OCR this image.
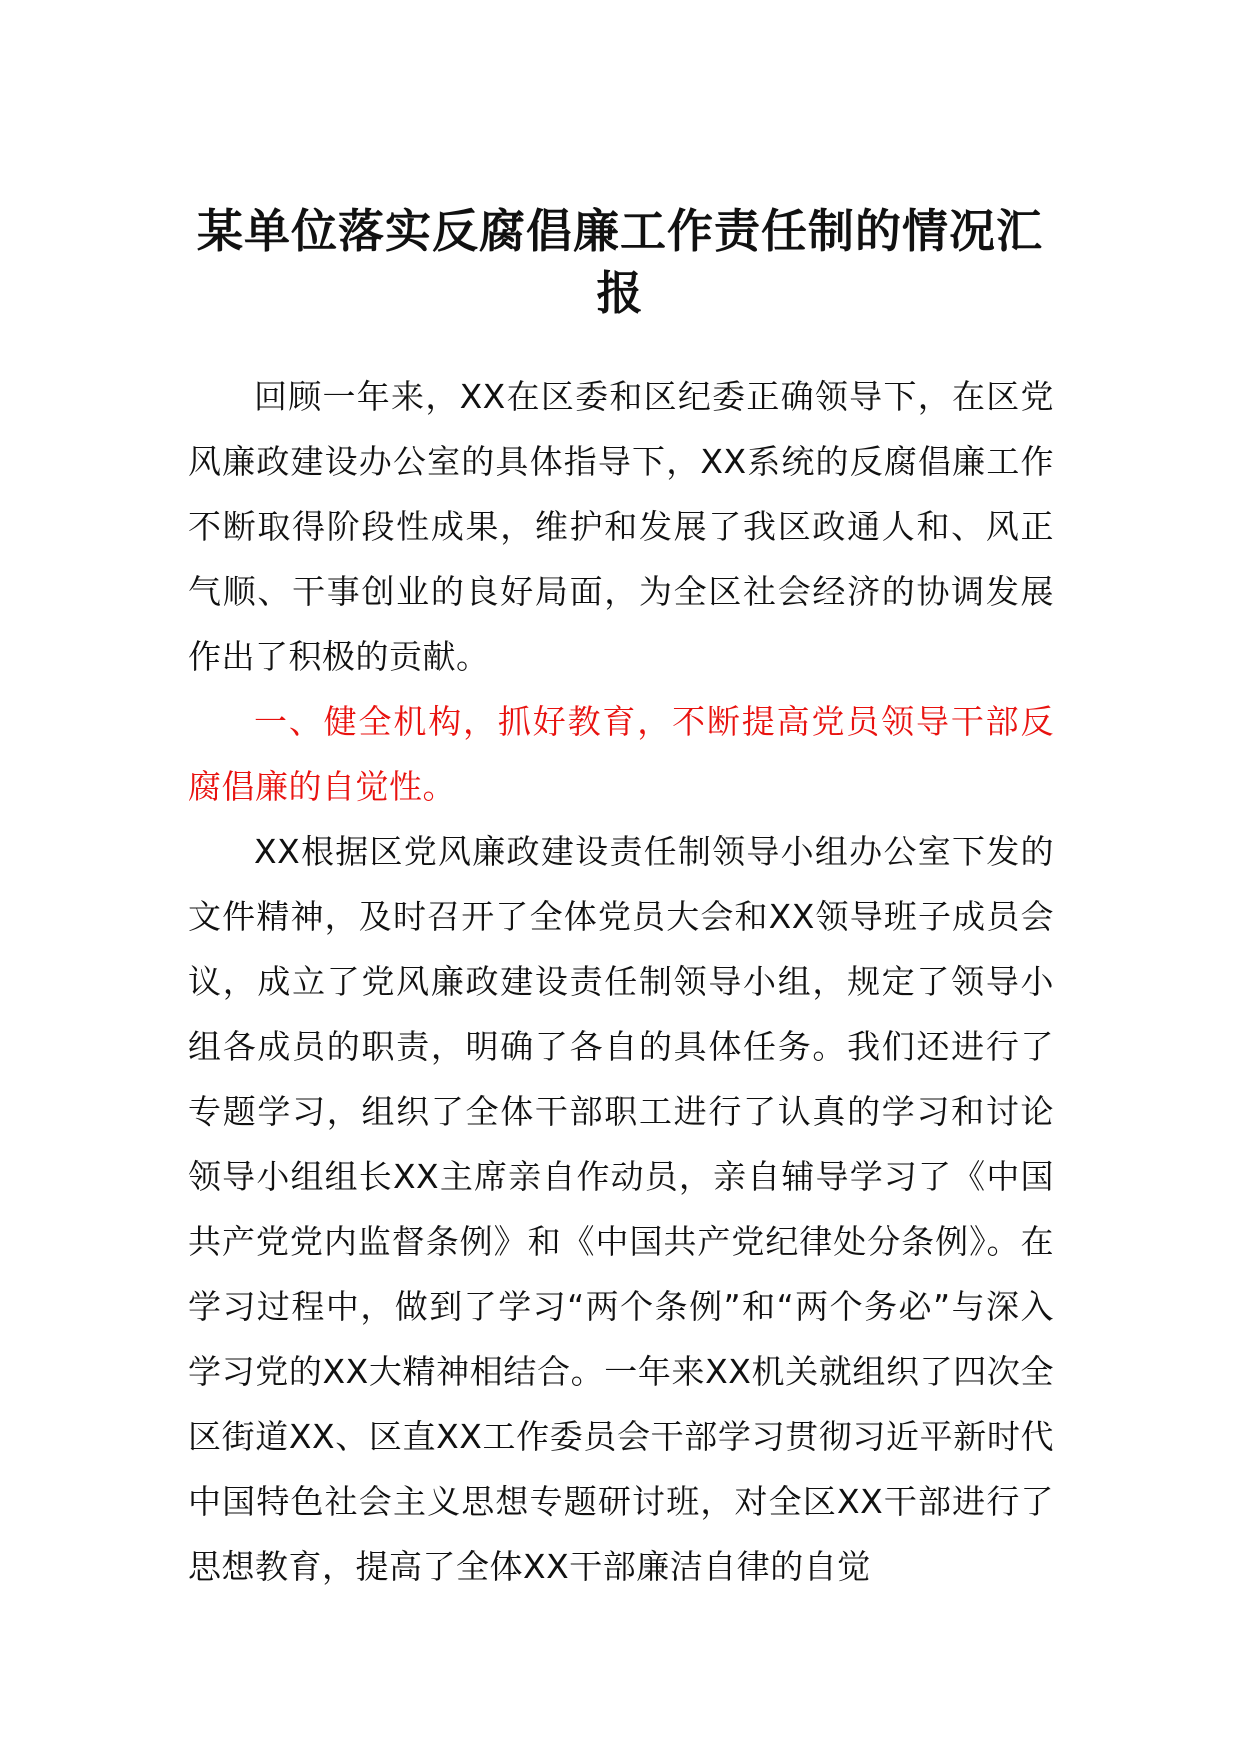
某单位落实反腐倡廉工作责任制的情况汇报

回顾一年来，XX在区委和区纪委正确领导下，在区党风廉政建设办公室的具体指导下，XX系统的反腐倡廉工作不断取得阶段性成果，维护和发展了我区政通人和、风正气顺、干事创业的良好局面，为全区社会经济的协调发展作出了积极的贡献。

一、健全机构，抓好教育，不断提高党员领导干部反腐倡廉的自觉性。

XX根据区党风廉政建设责任制领导小组办公室下发的文件精神，及时召开了全体党员大会和XX领导班子成员会议，成立了党风廉政建设责任制领导小组，规定了领导小组各成员的职责，明确了各自的具体任务。我们还进行了专题学习，组织了全体干部职工进行了认真的学习和讨论领导小组组长XX主席亲自作动员，亲自辅导学习了《中国共产党党内监督条例》和《中国共产党纪律处分条例》。在学习过程中，做到了学习“两个条例”和“两个务必”与深入学习党的XX大精神相结合。一年来XX机关就组织了四次全区街道XX、区直XX工作委员会干部学习贯彻习近平新时代中国特色社会主义思想专题研讨班，对全区XX干部进行了思想教育，提高了全体XX干部廉洁自律的自觉
